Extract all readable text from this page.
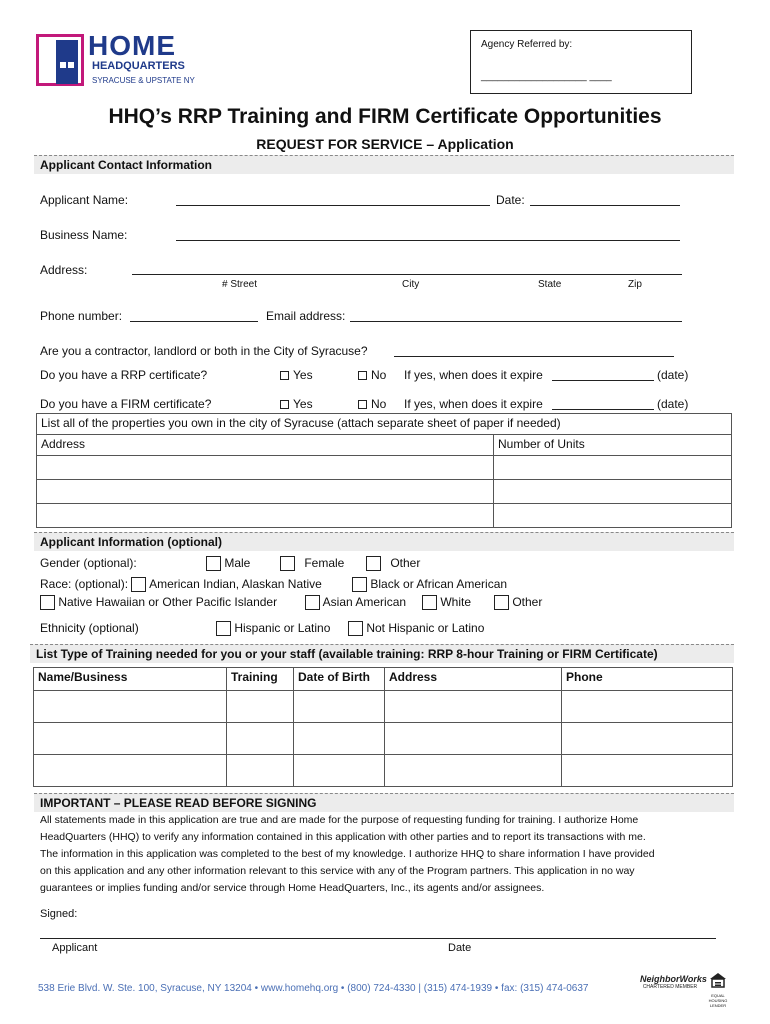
HOME
HEADQUARTERS
SYRACUSE & UPSTATE NY
Agency Referred by:
___________________ ____
HHQ’s RRP Training and FIRM Certificate Opportunities
REQUEST FOR SERVICE – Application
Applicant Contact Information
Applicant Name:	Date:
Business Name:
Address:
# Street	City	State	Zip
Phone number:	Email address:
Are you a contractor, landlord or both in the City of Syracuse?
Do you have a RRP certificate?	Yes	No If yes, when does it expire	(date)
Do you have a FIRM certificate?	Yes	No If yes, when does it expire	(date)
List all of the properties you own in the city of Syracuse (attach separate sheet of paper if needed)	
Address	Number of Units

Applicant Information (optional)
Gender (optional):	Male	Female	Other
Race: (optional): American Indian, Alaskan Native	Black or African American
Native Hawaiian or Other Pacific Islander	Asian American	White	Other
Ethnicity (optional)	Hispanic or Latino	Not Hispanic or Latino
List Type of Training needed for you or your staff (available training: RRP 8-hour Training or FIRM Certificate)
Name/Business	Training	Date of Birth	Address	Phone

IMPORTANT – PLEASE READ BEFORE SIGNING
All statements made in this application are true and are made for the purpose of requesting funding for training. I authorize Home
HeadQuarters (HHQ) to verify any information contained in this application with other parties and to report its transactions with me.
The information in this application was completed to the best of my knowledge. I authorize HHQ to share information I have provided
on this application and any other information relevant to this service with any of the Program partners. This application in no way
guarantees or implies funding and/or service through Home HeadQuarters, Inc., its agents and/or assignees.
Signed:
Applicant	Date
538 Erie Blvd. W. Ste. 100, Syracuse, NY 13204 • www.homehq.org • (800) 724-4330 | (315) 474-1939 • fax: (315) 474-0637
NeighborWorks
CHARTERED MEMBER
EQUAL HOUSING LENDER
